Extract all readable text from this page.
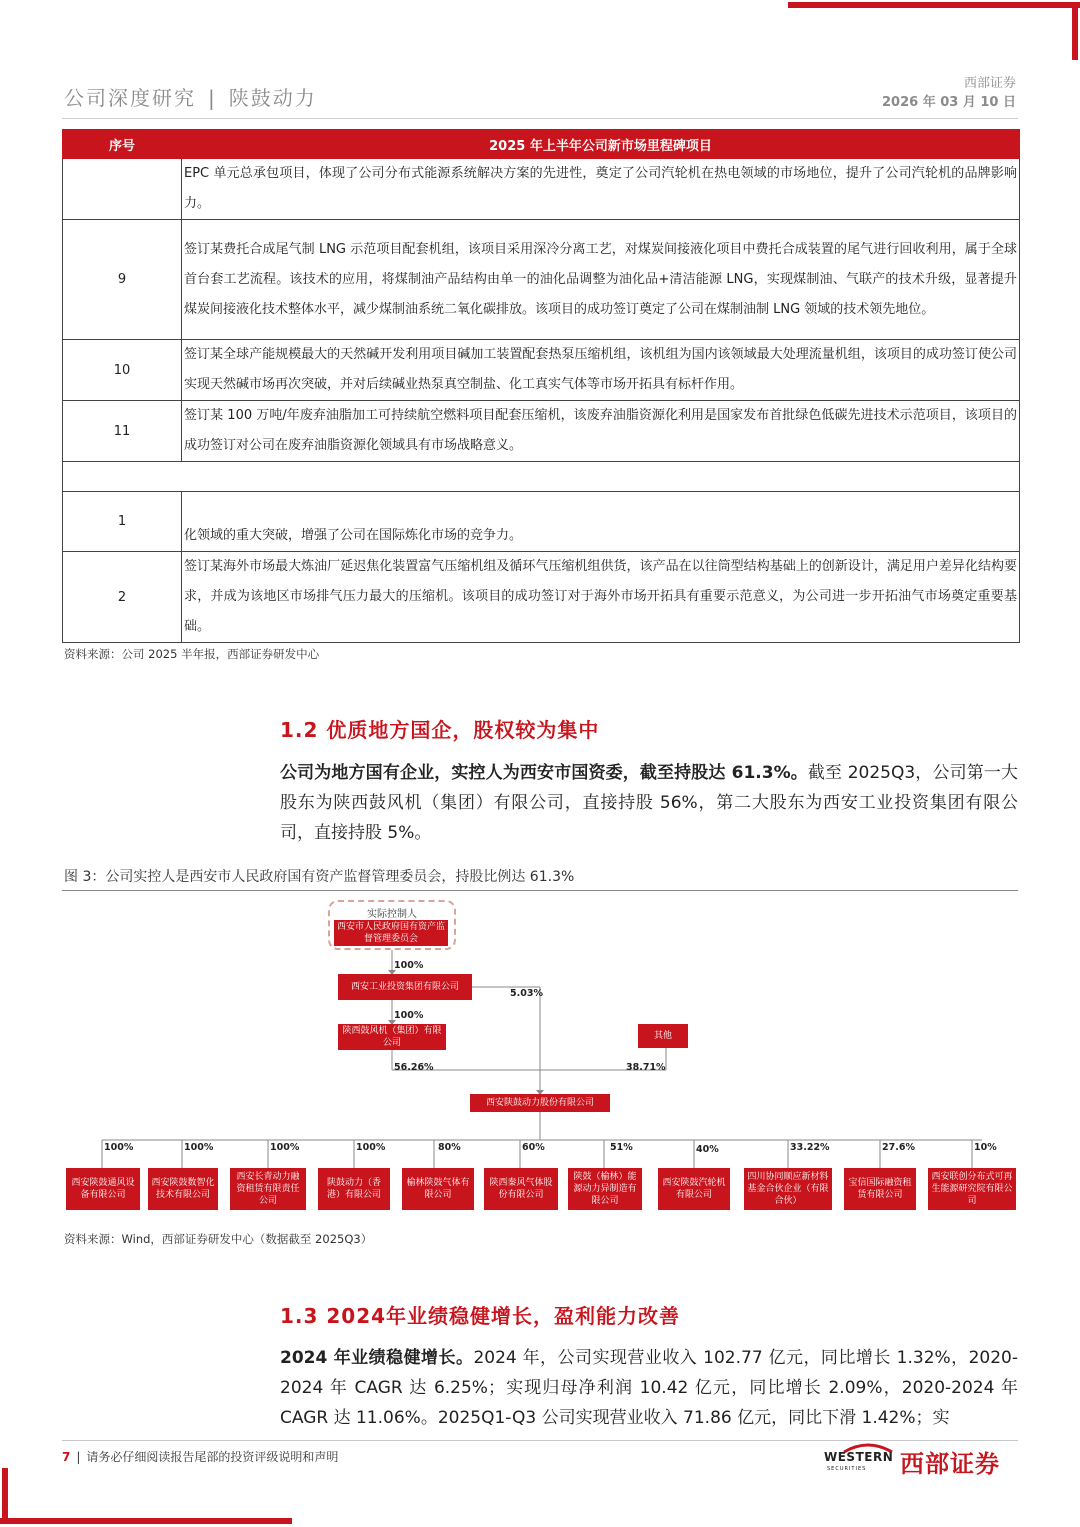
公司深度研究 | 陕鼓动力
西部证券
2026 年 03 月 10 日
序号	2025 年上半年公司新市场里程碑项目
	EPC 单元总承包项目，体现了公司分布式能源系统解决方案的先进性，奠定了公司汽轮机在热电领域的市场地位，提升了公司汽轮机的品牌影响力。
9	签订某费托合成尾气制 LNG 示范项目配套机组，该项目采用深冷分离工艺，对煤炭间接液化项目中费托合成装置的尾气进行回收利用，属于全球首台套工艺流程。该技术的应用，将煤制油产品结构由单一的油化品调整为油化品+清洁能源 LNG，实现煤制油、气联产的技术升级，显著提升煤炭间接液化技术整体水平，减少煤制油系统二氧化碳排放。该项目的成功签订奠定了公司在煤制油制 LNG 领域的技术领先地位。
10	签订某全球产能规模最大的天然碱开发利用项目碱加工装置配套热泵压缩机组，该机组为国内该领域最大处理流量机组，该项目的成功签订使公司实现天然碱市场再次突破，并对后续碱业热泵真空制盐、化工真实气体等市场开拓具有标杆作用。
11	签订某 100 万吨/年废弃油脂加工可持续航空燃料项目配套压缩机，该废弃油脂资源化利用是国家发布首批绿色低碳先进技术示范项目，该项目的成功签订对公司在废弃油脂资源化领域具有市场战略意义。

1	化领域的重大突破，增强了公司在国际炼化市场的竞争力。
2	签订某海外市场最大炼油厂延迟焦化装置富气压缩机组及循环气压缩机组供货，该产品在以往筒型结构基础上的创新设计，满足用户差异化结构要求，并成为该地区市场排气压力最大的压缩机。该项目的成功签订对于海外市场开拓具有重要示范意义，为公司进一步开拓油气市场奠定重要基础。
资料来源：公司 2025 半年报，西部证券研发中心
1.2 优质地方国企，股权较为集中
公司为地方国有企业，实控人为西安市国资委，截至持股达 61.3%。截至 2025Q3，公司第一大股东为陕西鼓风机（集团）有限公司，直接持股 56%，第二大股东为西安工业投资集团有限公司，直接持股 5%。
图 3：公司实控人是西安市人民政府国有资产监督管理委员会，持股比例达 61.3%
实际控制人
西安市人民政府国有资产监督管理委员会
100%
西安工业投资集团有限公司
5.03%
100%
陕西鼓风机（集团）有限公司
其他
56.26%	38.71%
西安陕鼓动力股份有限公司
100%	100%	100%	100%	80%	60%	51%	40%	33.22%	27.6%	10%
西安陕鼓通风设备有限公司
西安陕鼓数智化技术有限公司
西安长青动力融资租赁有限责任公司
陕鼓动力（香港）有限公司
榆林陕鼓气体有限公司
陕西秦风气体股份有限公司
陕鼓（榆林）能源动力异制造有限公司
西安陕鼓汽轮机有限公司
四川协同顺应新材料基金合伙企业（有限合伙）
宝信国际融资租赁有限公司
西安联创分布式可再生能源研究院有限公司
资料来源：Wind，西部证券研发中心（数据截至 2025Q3）
1.3 2024年业绩稳健增长，盈利能力改善
2024 年业绩稳健增长。2024 年，公司实现营业收入 102.77 亿元，同比增长 1.32%，2020-2024 年 CAGR 达 6.25%；实现归母净利润 10.42 亿元，同比增长 2.09%，2020-2024 年 CAGR 达 11.06%。2025Q1-Q3 公司实现营业收入 71.86 亿元，同比下滑 1.42%；实
7 | 请务必仔细阅读报告尾部的投资评级说明和声明	WESTERN
SECURITIES 西部证券
